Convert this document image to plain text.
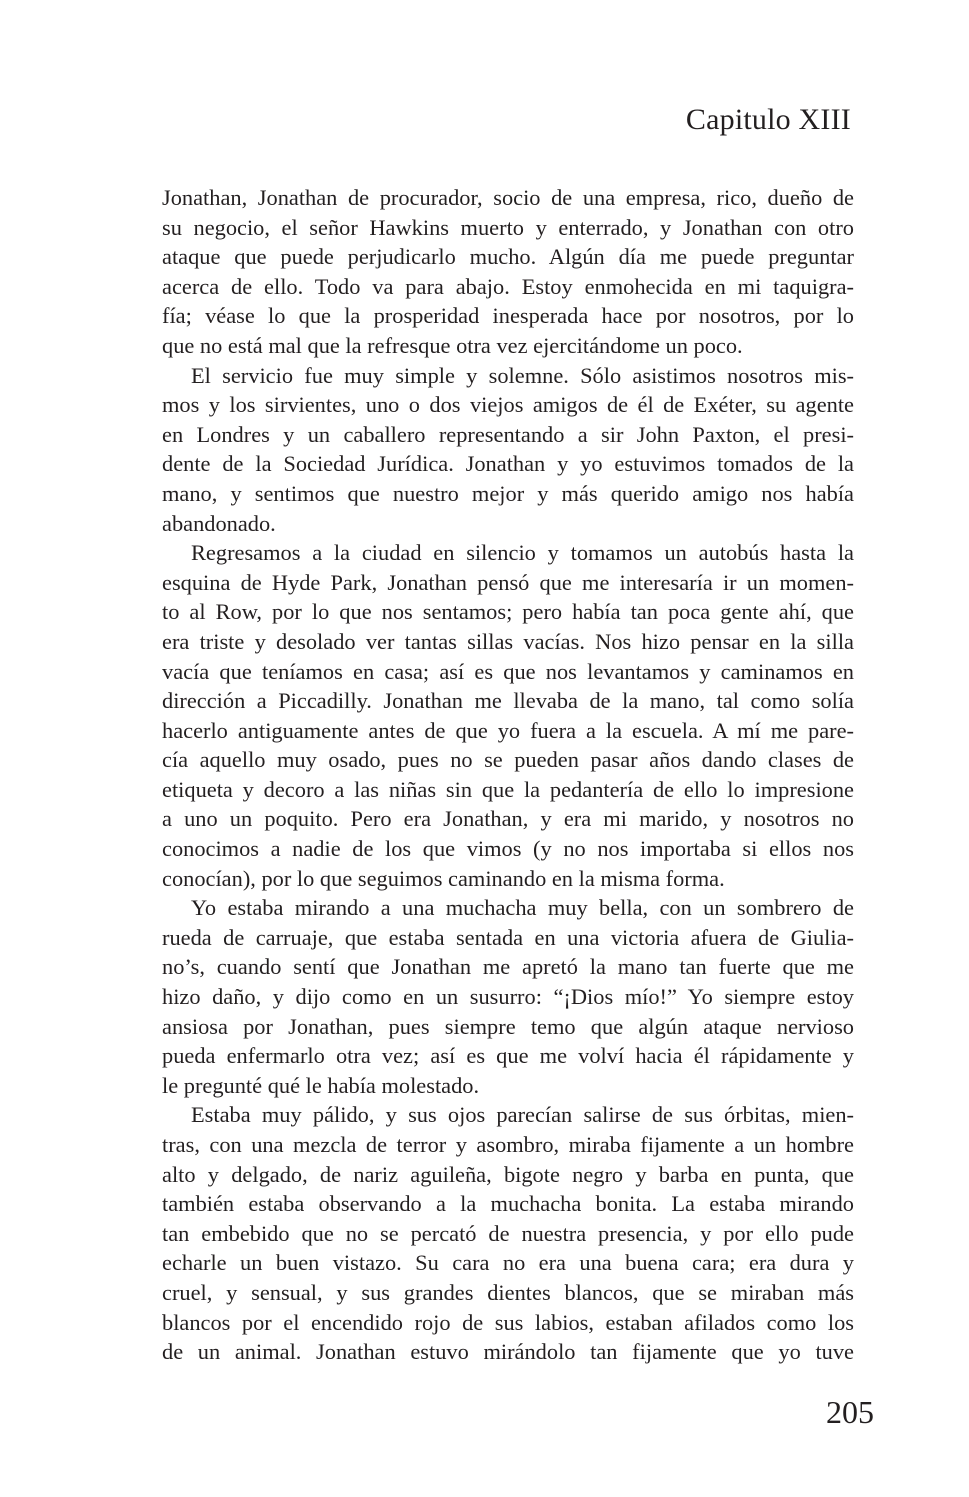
Capitulo XIII
Jonathan, Jonathan de procurador, socio de una empresa, rico, dueño de
su negocio, el señor Hawkins muerto y enterrado, y Jonathan con otro
ataque que puede perjudicarlo mucho. Algún día me puede preguntar
acerca de ello. Todo va para abajo. Estoy enmohecida en mi taquigra-
fía; véase lo que la prosperidad inesperada hace por nosotros, por lo
que no está mal que la refresque otra vez ejercitándome un poco.
El servicio fue muy simple y solemne. Sólo asistimos nosotros mis-
mos y los sirvientes, uno o dos viejos amigos de él de Exéter, su agente
en Londres y un caballero representando a sir John Paxton, el presi-
dente de la Sociedad Jurídica. Jonathan y yo estuvimos tomados de la
mano, y sentimos que nuestro mejor y más querido amigo nos había
abandonado.
Regresamos a la ciudad en silencio y tomamos un autobús hasta la
esquina de Hyde Park, Jonathan pensó que me interesaría ir un momen-
to al Row, por lo que nos sentamos; pero había tan poca gente ahí, que
era triste y desolado ver tantas sillas vacías. Nos hizo pensar en la silla
vacía que teníamos en casa; así es que nos levantamos y caminamos en
dirección a Piccadilly. Jonathan me llevaba de la mano, tal como solía
hacerlo antiguamente antes de que yo fuera a la escuela. A mí me pare-
cía aquello muy osado, pues no se pueden pasar años dando clases de
etiqueta y decoro a las niñas sin que la pedantería de ello lo impresione
a uno un poquito. Pero era Jonathan, y era mi marido, y nosotros no
conocimos a nadie de los que vimos (y no nos importaba si ellos nos
conocían), por lo que seguimos caminando en la misma forma.
Yo estaba mirando a una muchacha muy bella, con un sombrero de
rueda de carruaje, que estaba sentada en una victoria afuera de Giulia-
no’s, cuando sentí que Jonathan me apretó la mano tan fuerte que me
hizo daño, y dijo como en un susurro: “¡Dios mío!” Yo siempre estoy
ansiosa por Jonathan, pues siempre temo que algún ataque nervioso
pueda enfermarlo otra vez; así es que me volví hacia él rápidamente y
le pregunté qué le había molestado.
Estaba muy pálido, y sus ojos parecían salirse de sus órbitas, mien-
tras, con una mezcla de terror y asombro, miraba fijamente a un hombre
alto y delgado, de nariz aguileña, bigote negro y barba en punta, que
también estaba observando a la muchacha bonita. La estaba mirando
tan embebido que no se percató de nuestra presencia, y por ello pude
echarle un buen vistazo. Su cara no era una buena cara; era dura y
cruel, y sensual, y sus grandes dientes blancos, que se miraban más
blancos por el encendido rojo de sus labios, estaban afilados como los
de un animal. Jonathan estuvo mirándolo tan fijamente que yo tuve
205
